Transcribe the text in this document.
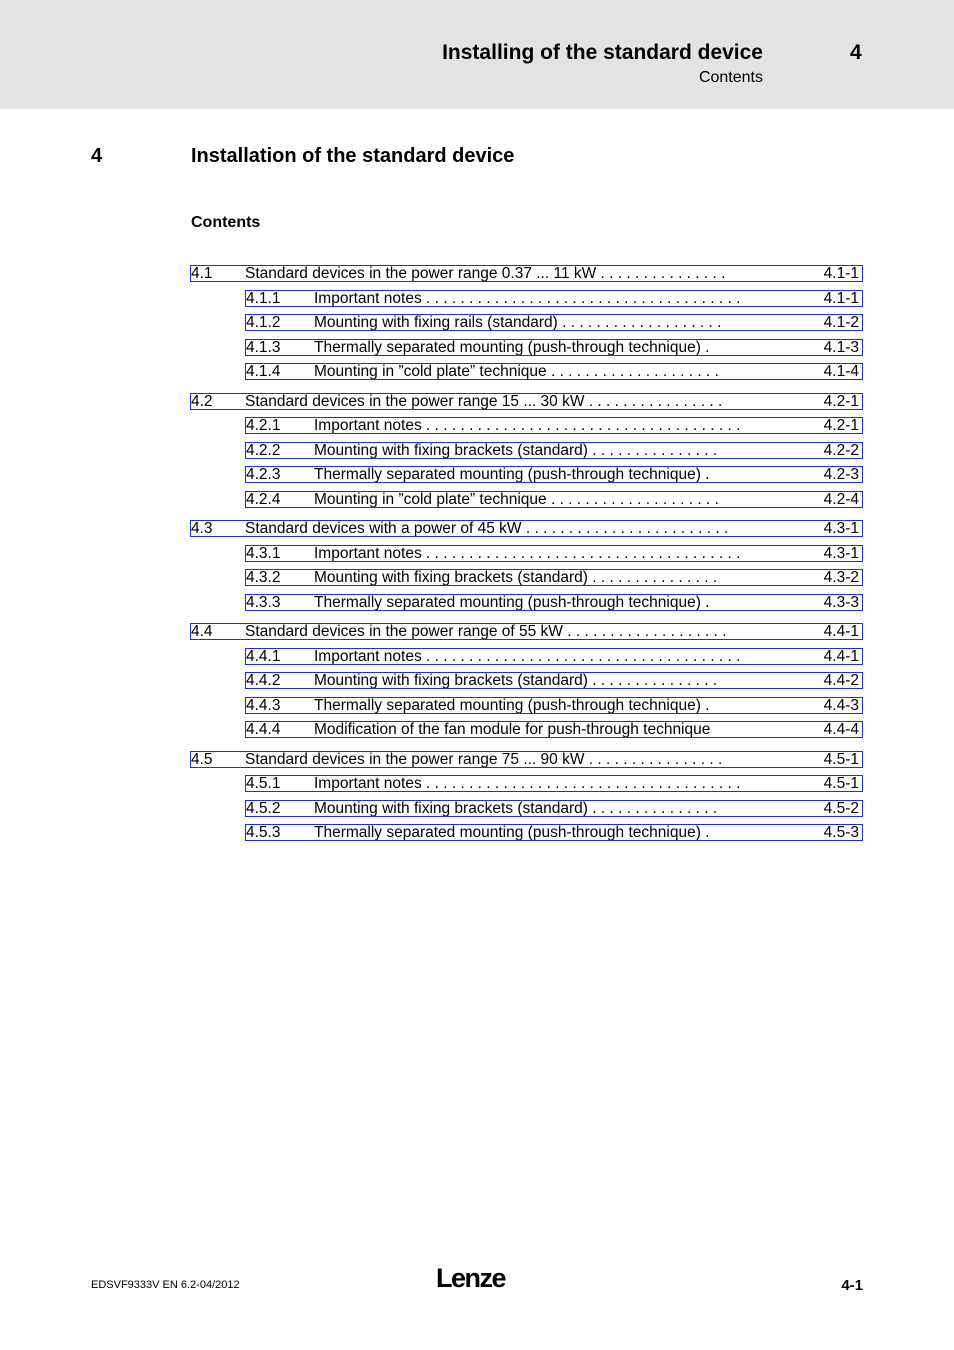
Installing of the standard device	4
Contents
4	Installation of the standard device
Contents
4.1 Standard devices in the power range 0.37 ... 11 kW . . . . . . . . . . . . . . .	4.1-1
4.1.1 Important notes . . . . . . . . . . . . . . . . . . . . . . . . . . . . . . . . . . . . .	4.1-1
4.1.2 Mounting with fixing rails (standard) . . . . . . . . . . . . . . . . . . .	4.1-2
4.1.3 Thermally separated mounting (push-through technique) .	4.1-3
4.1.4 Mounting in ”cold plate” technique . . . . . . . . . . . . . . . . . . . .	4.1-4
4.2 Standard devices in the power range 15 ... 30 kW . . . . . . . . . . . . . . . .	4.2-1
4.2.1 Important notes . . . . . . . . . . . . . . . . . . . . . . . . . . . . . . . . . . . . .	4.2-1
4.2.2 Mounting with fixing brackets (standard) . . . . . . . . . . . . . . .	4.2-2
4.2.3 Thermally separated mounting (push-through technique) .	4.2-3
4.2.4 Mounting in ”cold plate” technique . . . . . . . . . . . . . . . . . . . .	4.2-4
4.3 Standard devices with a power of 45 kW . . . . . . . . . . . . . . . . . . . . . . . .	4.3-1
4.3.1 Important notes . . . . . . . . . . . . . . . . . . . . . . . . . . . . . . . . . . . . .	4.3-1
4.3.2 Mounting with fixing brackets (standard) . . . . . . . . . . . . . . .	4.3-2
4.3.3 Thermally separated mounting (push-through technique) .	4.3-3
4.4 Standard devices in the power range of 55 kW . . . . . . . . . . . . . . . . . . .	4.4-1
4.4.1 Important notes . . . . . . . . . . . . . . . . . . . . . . . . . . . . . . . . . . . . .	4.4-1
4.4.2 Mounting with fixing brackets (standard) . . . . . . . . . . . . . . .	4.4-2
4.4.3 Thermally separated mounting (push-through technique) .	4.4-3
4.4.4 Modification of the fan module for push-through technique	4.4-4
4.5 Standard devices in the power range 75 ... 90 kW . . . . . . . . . . . . . . . .	4.5-1
4.5.1 Important notes . . . . . . . . . . . . . . . . . . . . . . . . . . . . . . . . . . . . .	4.5-1
4.5.2 Mounting with fixing brackets (standard) . . . . . . . . . . . . . . .	4.5-2
4.5.3 Thermally separated mounting (push-through technique) .	4.5-3
EDSVF9333V EN 6.2-04/2012	Lenze	4-1
